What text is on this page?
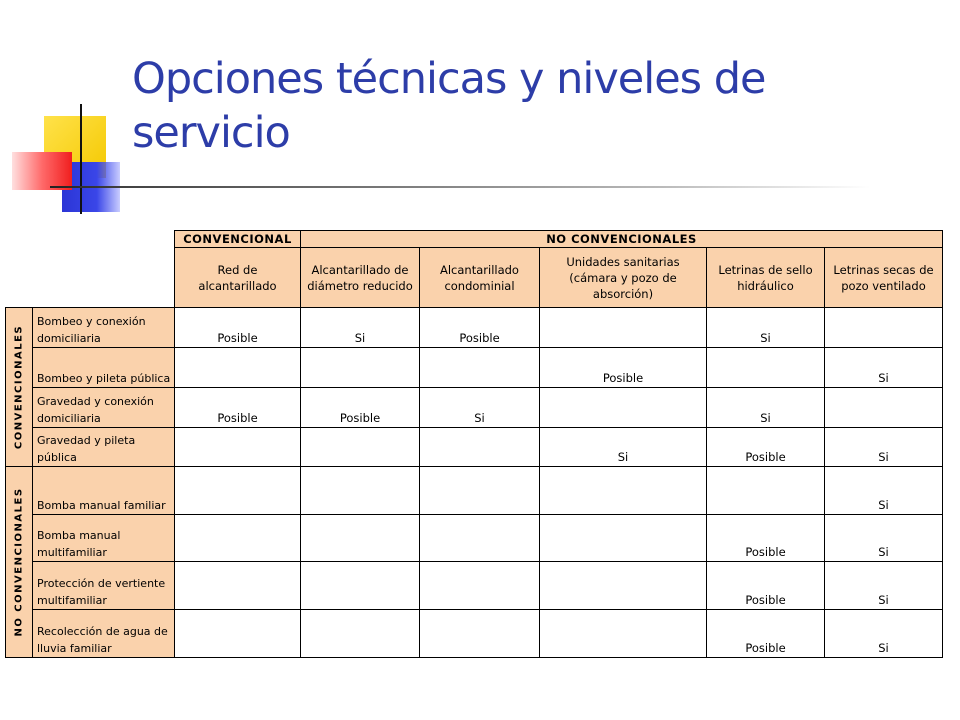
Opciones técnicas y niveles de servicio
		CONVENCIONAL	NO CONVENCIONALES				
		Red de alcantarillado	Alcantarillado de diámetro reducido	Alcantarillado condominial	Unidades sanitarias (cámara y pozo de absorción)	Letrinas de sello hidráulico	Letrinas secas de pozo ventilado

CONVENCIONALES	Bombeo y conexión domiciliaria	Posible	Si	Posible		Si	
	Bombeo y pileta pública				Posible		Si
	Gravedad y conexión domiciliaria	Posible	Posible	Si		Si	
	Gravedad y pileta pública				Si	Posible	Si

NO CONVENCIONALES	Bomba manual familiar						Si
	Bomba manual multifamiliar					Posible	Si
	Protección de vertiente multifamiliar					Posible	Si
	Recolección de agua de lluvia familiar					Posible	Si
